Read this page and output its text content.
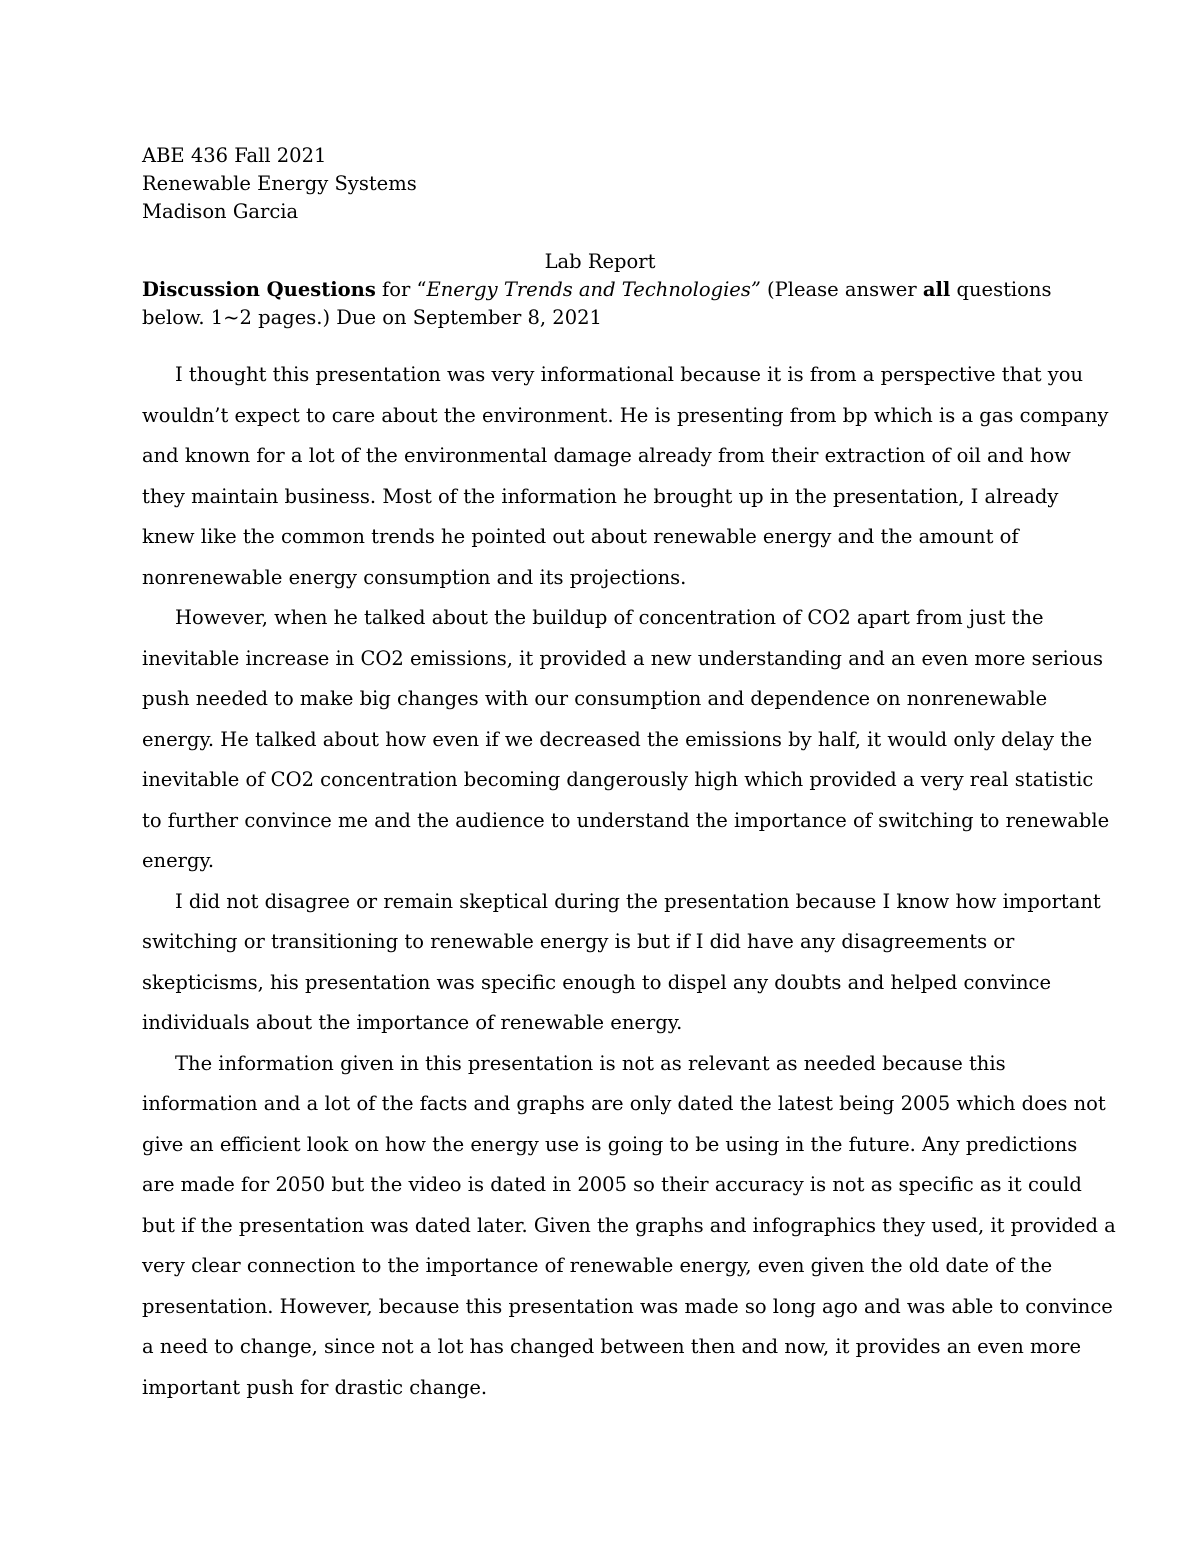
ABE 436 Fall 2021
Renewable Energy Systems
Madison Garcia
Lab Report
Discussion Questions for “Energy Trends and Technologies” (Please answer all questions
below. 1~2 pages.) Due on September 8, 2021
I thought this presentation was very informational because it is from a perspective that you
wouldn’t expect to care about the environment. He is presenting from bp which is a gas company
and known for a lot of the environmental damage already from their extraction of oil and how
they maintain business. Most of the information he brought up in the presentation, I already
knew like the common trends he pointed out about renewable energy and the amount of
nonrenewable energy consumption and its projections.
However, when he talked about the buildup of concentration of CO2 apart from just the
inevitable increase in CO2 emissions, it provided a new understanding and an even more serious
push needed to make big changes with our consumption and dependence on nonrenewable
energy. He talked about how even if we decreased the emissions by half, it would only delay the
inevitable of CO2 concentration becoming dangerously high which provided a very real statistic
to further convince me and the audience to understand the importance of switching to renewable
energy.
I did not disagree or remain skeptical during the presentation because I know how important
switching or transitioning to renewable energy is but if I did have any disagreements or
skepticisms, his presentation was specific enough to dispel any doubts and helped convince
individuals about the importance of renewable energy.
The information given in this presentation is not as relevant as needed because this
information and a lot of the facts and graphs are only dated the latest being 2005 which does not
give an efficient look on how the energy use is going to be using in the future. Any predictions
are made for 2050 but the video is dated in 2005 so their accuracy is not as specific as it could
but if the presentation was dated later. Given the graphs and infographics they used, it provided a
very clear connection to the importance of renewable energy, even given the old date of the
presentation. However, because this presentation was made so long ago and was able to convince
a need to change, since not a lot has changed between then and now, it provides an even more
important push for drastic change.
